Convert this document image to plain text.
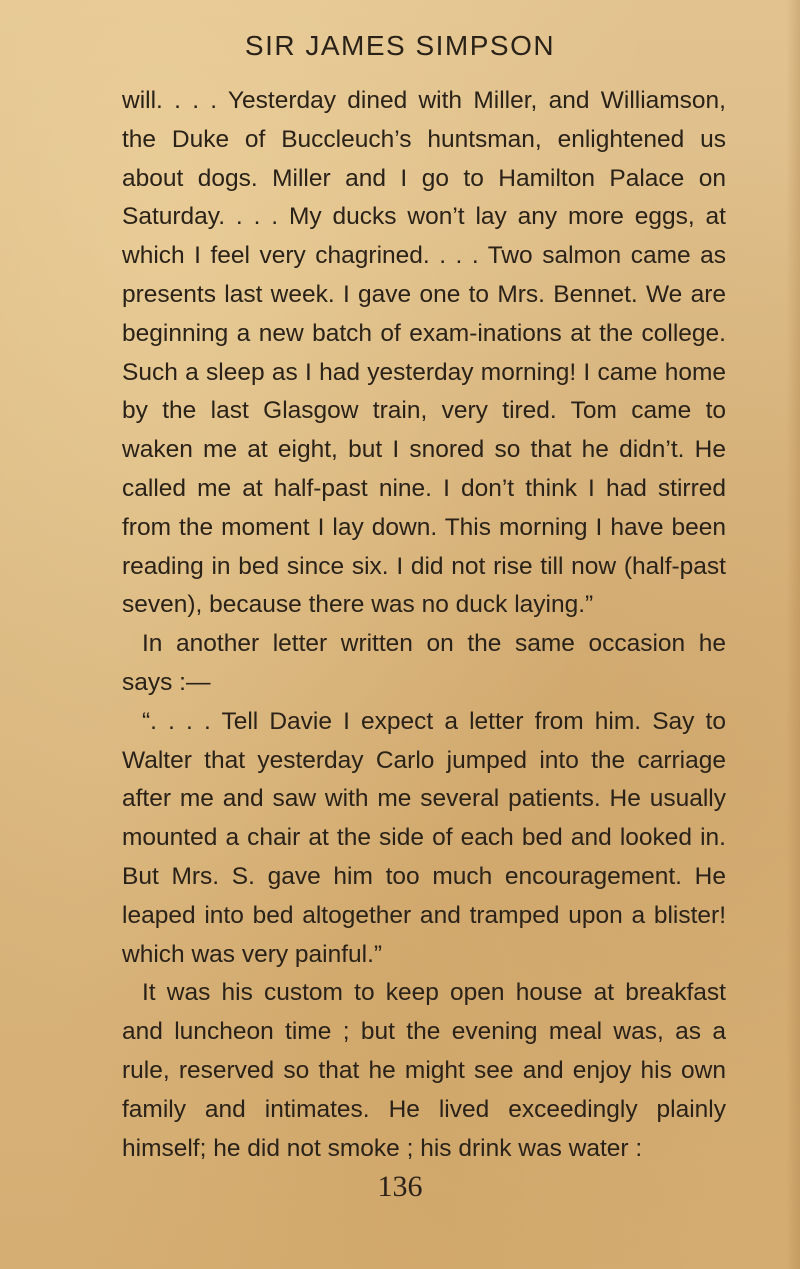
SIR JAMES SIMPSON

will. . . . Yesterday dined with Miller, and Williamson, the Duke of Buccleuch’s huntsman, enlightened us about dogs. Miller and I go to Hamilton Palace on Saturday. . . . My ducks won’t lay any more eggs, at which I feel very chagrined. . . . Two salmon came as presents last week. I gave one to Mrs. Bennet. We are beginning a new batch of exam-inations at the college. Such a sleep as I had yesterday morning! I came home by the last Glasgow train, very tired. Tom came to waken me at eight, but I snored so that he didn’t. He called me at half-past nine. I don’t think I had stirred from the moment I lay down. This morning I have been reading in bed since six. I did not rise till now (half-past seven), because there was no duck laying.”

In another letter written on the same occasion he says :—

“. . . . Tell Davie I expect a letter from him. Say to Walter that yesterday Carlo jumped into the carriage after me and saw with me several patients. He usually mounted a chair at the side of each bed and looked in. But Mrs. S. gave him too much encouragement. He leaped into bed altogether and tramped upon a blister! which was very painful.”

It was his custom to keep open house at breakfast and luncheon time ; but the evening meal was, as a rule, reserved so that he might see and enjoy his own family and intimates. He lived exceedingly plainly himself; he did not smoke ; his drink was water :

136
